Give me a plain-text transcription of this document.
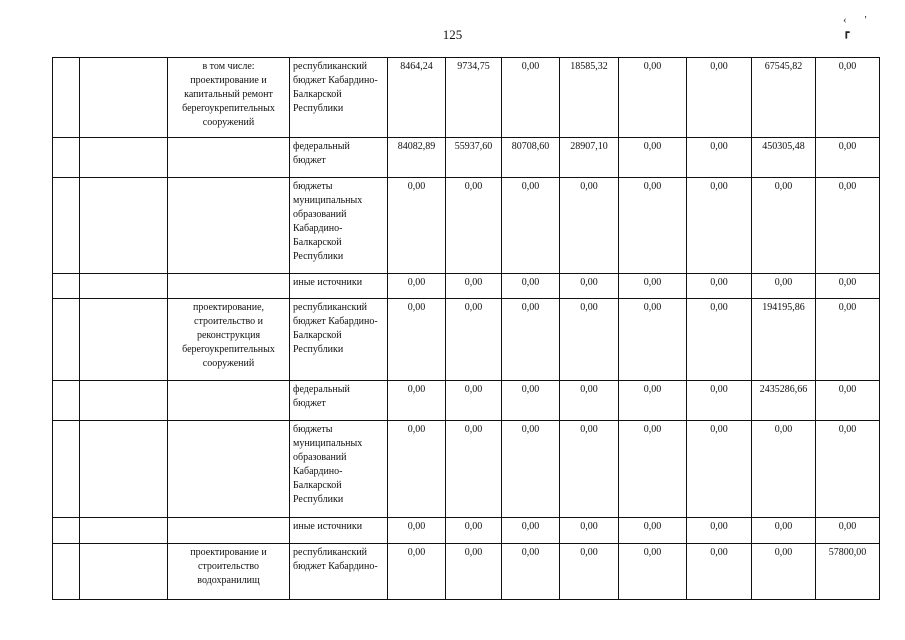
125
‹' ┏
		в том числе: проектирование и капитальный ремонт берегоукрепительных сооружений	республиканский бюджет Кабардино-Балкарской Республики	8464,24	9734,75	0,00	18585,32	0,00	0,00	67545,82	0,00
			федеральный бюджет	84082,89	55937,60	80708,60	28907,10	0,00	0,00	450305,48	0,00
			бюджеты муниципальных образований Кабардино-Балкарской Республики	0,00	0,00	0,00	0,00	0,00	0,00	0,00	0,00
			иные источники	0,00	0,00	0,00	0,00	0,00	0,00	0,00	0,00
		проектирование, строительство и реконструкция берегоукрепительных сооружений	республиканский бюджет Кабардино-Балкарской Республики	0,00	0,00	0,00	0,00	0,00	0,00	194195,86	0,00
			федеральный бюджет	0,00	0,00	0,00	0,00	0,00	0,00	2435286,66	0,00
			бюджеты муниципальных образований Кабардино-Балкарской Республики	0,00	0,00	0,00	0,00	0,00	0,00	0,00	0,00
			иные источники	0,00	0,00	0,00	0,00	0,00	0,00	0,00	0,00
		проектирование и строительство водохранилищ	республиканский бюджет Кабардино-	0,00	0,00	0,00	0,00	0,00	0,00	0,00	57800,00
